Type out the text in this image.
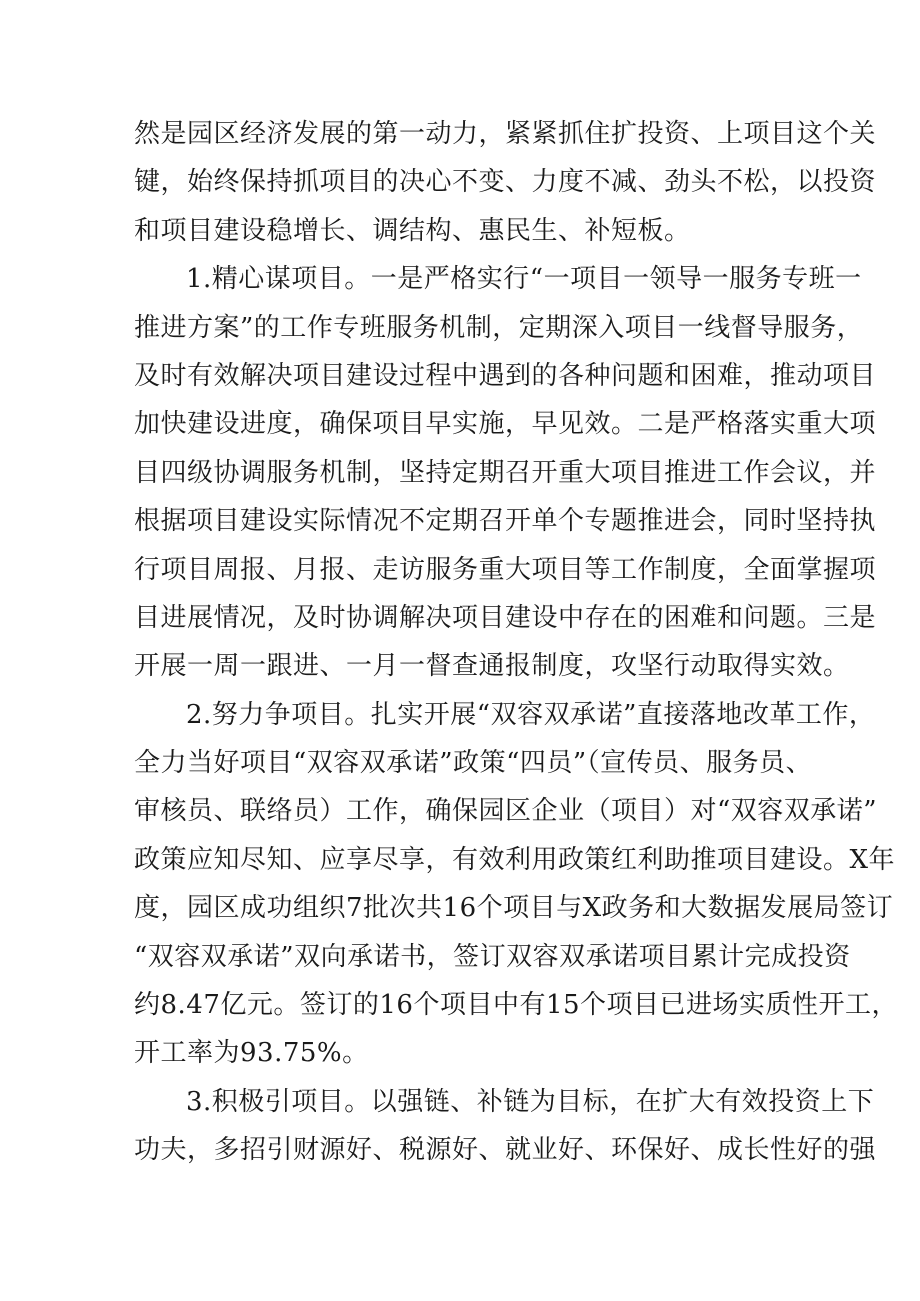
然是园区经济发展的第一动力，紧紧抓住扩投资、上项目这个关
键，始终保持抓项目的决心不变、力度不减、劲头不松，以投资
和项目建设稳增长、调结构、惠民生、补短板。
1.精心谋项目。一是严格实行“一项目一领导一服务专班一
推进方案”的工作专班服务机制，定期深入项目一线督导服务，
及时有效解决项目建设过程中遇到的各种问题和困难，推动项目
加快建设进度，确保项目早实施，早见效。二是严格落实重大项
目四级协调服务机制，坚持定期召开重大项目推进工作会议，并
根据项目建设实际情况不定期召开单个专题推进会，同时坚持执
行项目周报、月报、走访服务重大项目等工作制度，全面掌握项
目进展情况，及时协调解决项目建设中存在的困难和问题。三是
开展一周一跟进、一月一督查通报制度，攻坚行动取得实效。
2.努力争项目。扎实开展“双容双承诺”直接落地改革工作，
全力当好项目“双容双承诺”政策“四员”（宣传员、服务员、
审核员、联络员）工作，确保园区企业（项目）对“双容双承诺”
政策应知尽知、应享尽享，有效利用政策红利助推项目建设。X年
度，园区成功组织7批次共16个项目与X政务和大数据发展局签订
“双容双承诺”双向承诺书，签订双容双承诺项目累计完成投资
约8.47亿元。签订的16个项目中有15个项目已进场实质性开工，
开工率为93.75%。
3.积极引项目。以强链、补链为目标，在扩大有效投资上下
功夫，多招引财源好、税源好、就业好、环保好、成长性好的强
